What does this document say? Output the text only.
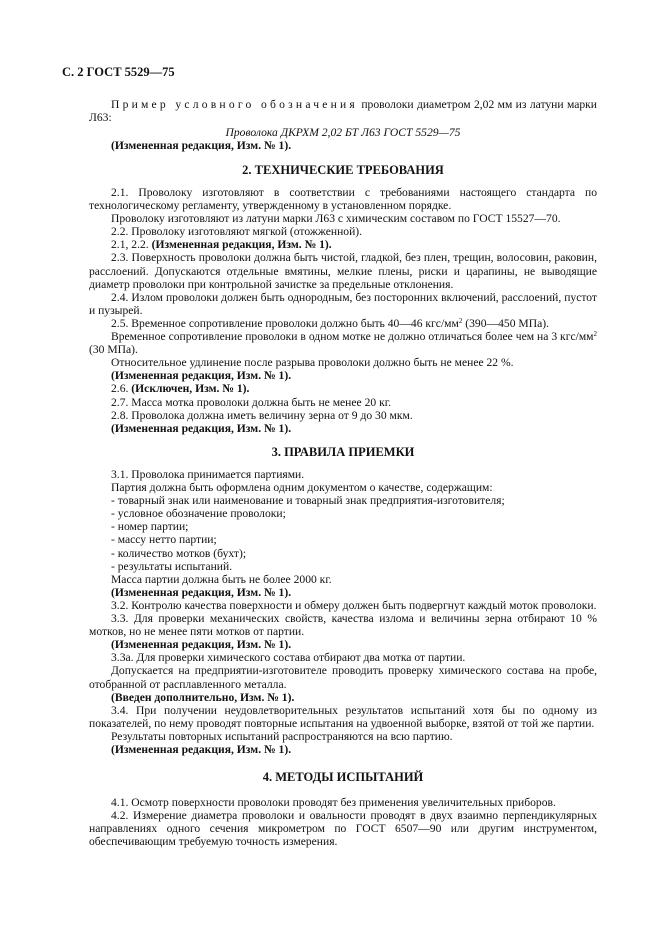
С. 2 ГОСТ 5529—75

Пример условного обозначения проволоки диаметром 2,02 мм из латуни марки Л63:

Проволока ДКРХМ 2,02 БТ Л63 ГОСТ 5529—75

(Измененная редакция, Изм. № 1).

2. ТЕХНИЧЕСКИЕ ТРЕБОВАНИЯ

2.1. Проволоку изготовляют в соответствии с требованиями настоящего стандарта по технологическому регламенту, утвержденному в установленном порядке.

Проволоку изготовляют из латуни марки Л63 с химическим составом по ГОСТ 15527—70.

2.2. Проволоку изготовляют мягкой (отожженной).

2.1, 2.2. (Измененная редакция, Изм. № 1).

2.3. Поверхность проволоки должна быть чистой, гладкой, без плен, трещин, волосовин, раковин, расслоений. Допускаются отдельные вмятины, мелкие плены, риски и царапины, не выводящие диаметр проволоки при контрольной зачистке за предельные отклонения.

2.4. Излом проволоки должен быть однородным, без посторонних включений, расслоений, пустот и пузырей.

2.5. Временное сопротивление проволоки должно быть 40—46 кгс/$мм^2$ (390—450 МПа).

Временное сопротивление проволоки в одном мотке не должно отличаться более чем на 3 кгс/$мм^2$ (30 МПа).

Относительное удлинение после разрыва проволоки должно быть не менее 22 %.

(Измененная редакция, Изм. № 1).

2.6. (Исключен, Изм. № 1).

2.7. Масса мотка проволоки должна быть не менее 20 кг.

2.8. Проволока должна иметь величину зерна от 9 до 30 мкм.

(Измененная редакция, Изм. № 1).

3. ПРАВИЛА ПРИЕМКИ

3.1. Проволока принимается партиями.

Партия должна быть оформлена одним документом о качестве, содержащим:

- товарный знак или наименование и товарный знак предприятия-изготовителя;

- условное обозначение проволоки;

- номер партии;

- массу нетто партии;

- количество мотков (бухт);

- результаты испытаний.

Масса партии должна быть не более 2000 кг.

(Измененная редакция, Изм. № 1).

3.2. Контролю качества поверхности и обмеру должен быть подвергнут каждый моток проволоки.

3.3. Для проверки механических свойств, качества излома и величины зерна отбирают 10 % мотков, но не менее пяти мотков от партии.

(Измененная редакция, Изм. № 1).

3.3а. Для проверки химического состава отбирают два мотка от партии.

Допускается на предприятии-изготовителе проводить проверку химического состава на пробе, отобранной от расплавленного металла.

(Введен дополнительно, Изм. № 1).

3.4. При получении неудовлетворительных результатов испытаний хотя бы по одному из показателей, по нему проводят повторные испытания на удвоенной выборке, взятой от той же партии.

Результаты повторных испытаний распространяются на всю партию.

(Измененная редакция, Изм. № 1).

4. МЕТОДЫ ИСПЫТАНИЙ

4.1. Осмотр поверхности проволоки проводят без применения увеличительных приборов.

4.2. Измерение диаметра проволоки и овальности проводят в двух взаимно перпендикулярных направлениях одного сечения микрометром по ГОСТ 6507—90 или другим инструментом, обеспечивающим требуемую точность измерения.
